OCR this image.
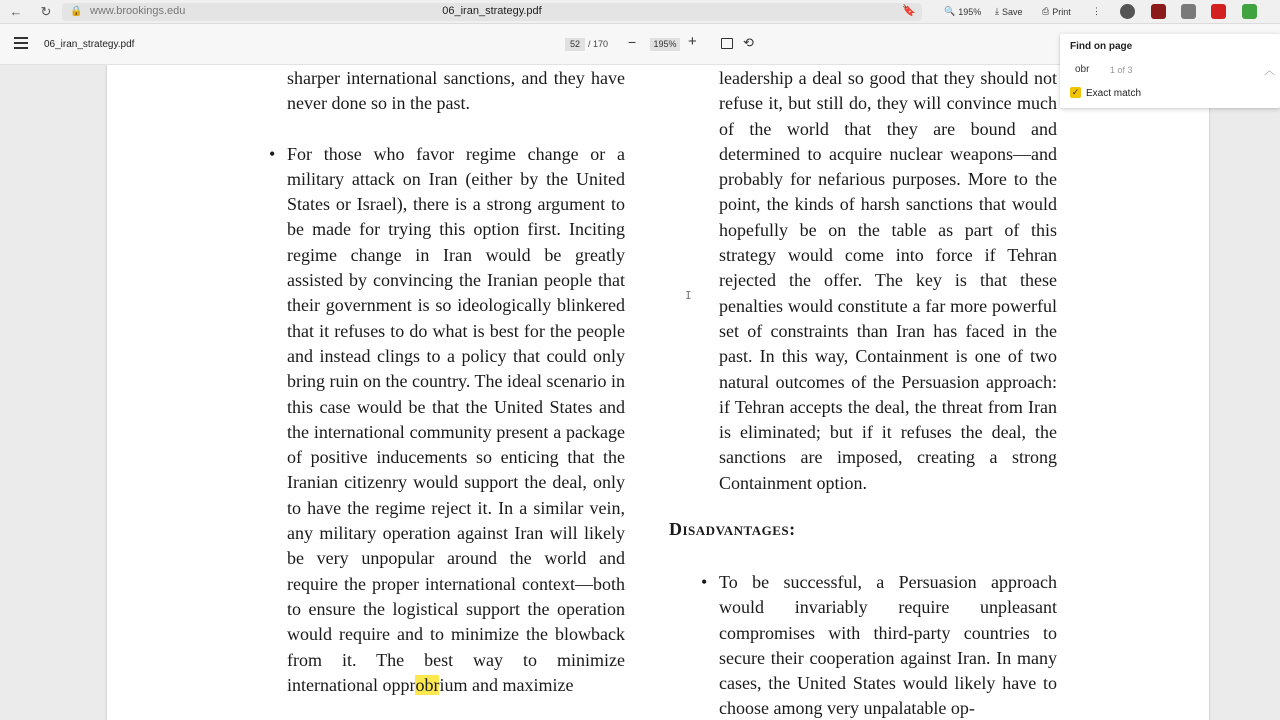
← ↻	🔒 www.brookings.edu	06_iran_strategy.pdf	🔖	🔍 195% ⤓ Save ⎙ Print ⋮
06_iran_strategy.pdf	52 / 170 −	195% +	⟲

sharper international sanctions, and they have never done so in the past.

• For those who favor regime change or a military attack on Iran (either by the United States or Israel), there is a strong argument to be made for trying this option first. Inciting regime change in Iran would be greatly assisted by convincing the Iranian people that their government is so ideologically blinkered that it refuses to do what is best for the people and instead clings to a policy that could only bring ruin on the country. The ideal scenario in this case would be that the United States and the international community present a package of positive inducements so enticing that the Iranian citizenry would support the deal, only to have the regime reject it. In a similar vein, any military operation against Iran will likely be very unpopular around the world and require the proper international context—both to ensure the logistical support the operation would require and to minimize the blowback from it. The best way to minimize international opprobrium and maximize

leadership a deal so good that they should not refuse it, but still do, they will convince much of the world that they are bound and determined to acquire nuclear weapons—and probably for nefarious purposes. More to the point, the kinds of harsh sanctions that would hopefully be on the table as part of this strategy would come into force if Tehran rejected the offer. The key is that these penalties would constitute a far more powerful set of constraints than Iran has faced in the past. In this way, Containment is one of two natural outcomes of the Persuasion approach: if Tehran accepts the deal, the threat from Iran is eliminated; but if it refuses the deal, the sanctions are imposed, creating a strong Containment option.

Disadvantages:

• To be successful, a Persuasion approach would invariably require unpleasant compromises with third-party countries to secure their cooperation against Iran. In many cases, the United States would likely have to choose among very unpalatable op-

I
Find on page
obr 1 of 3	︿
✓ Exact match
